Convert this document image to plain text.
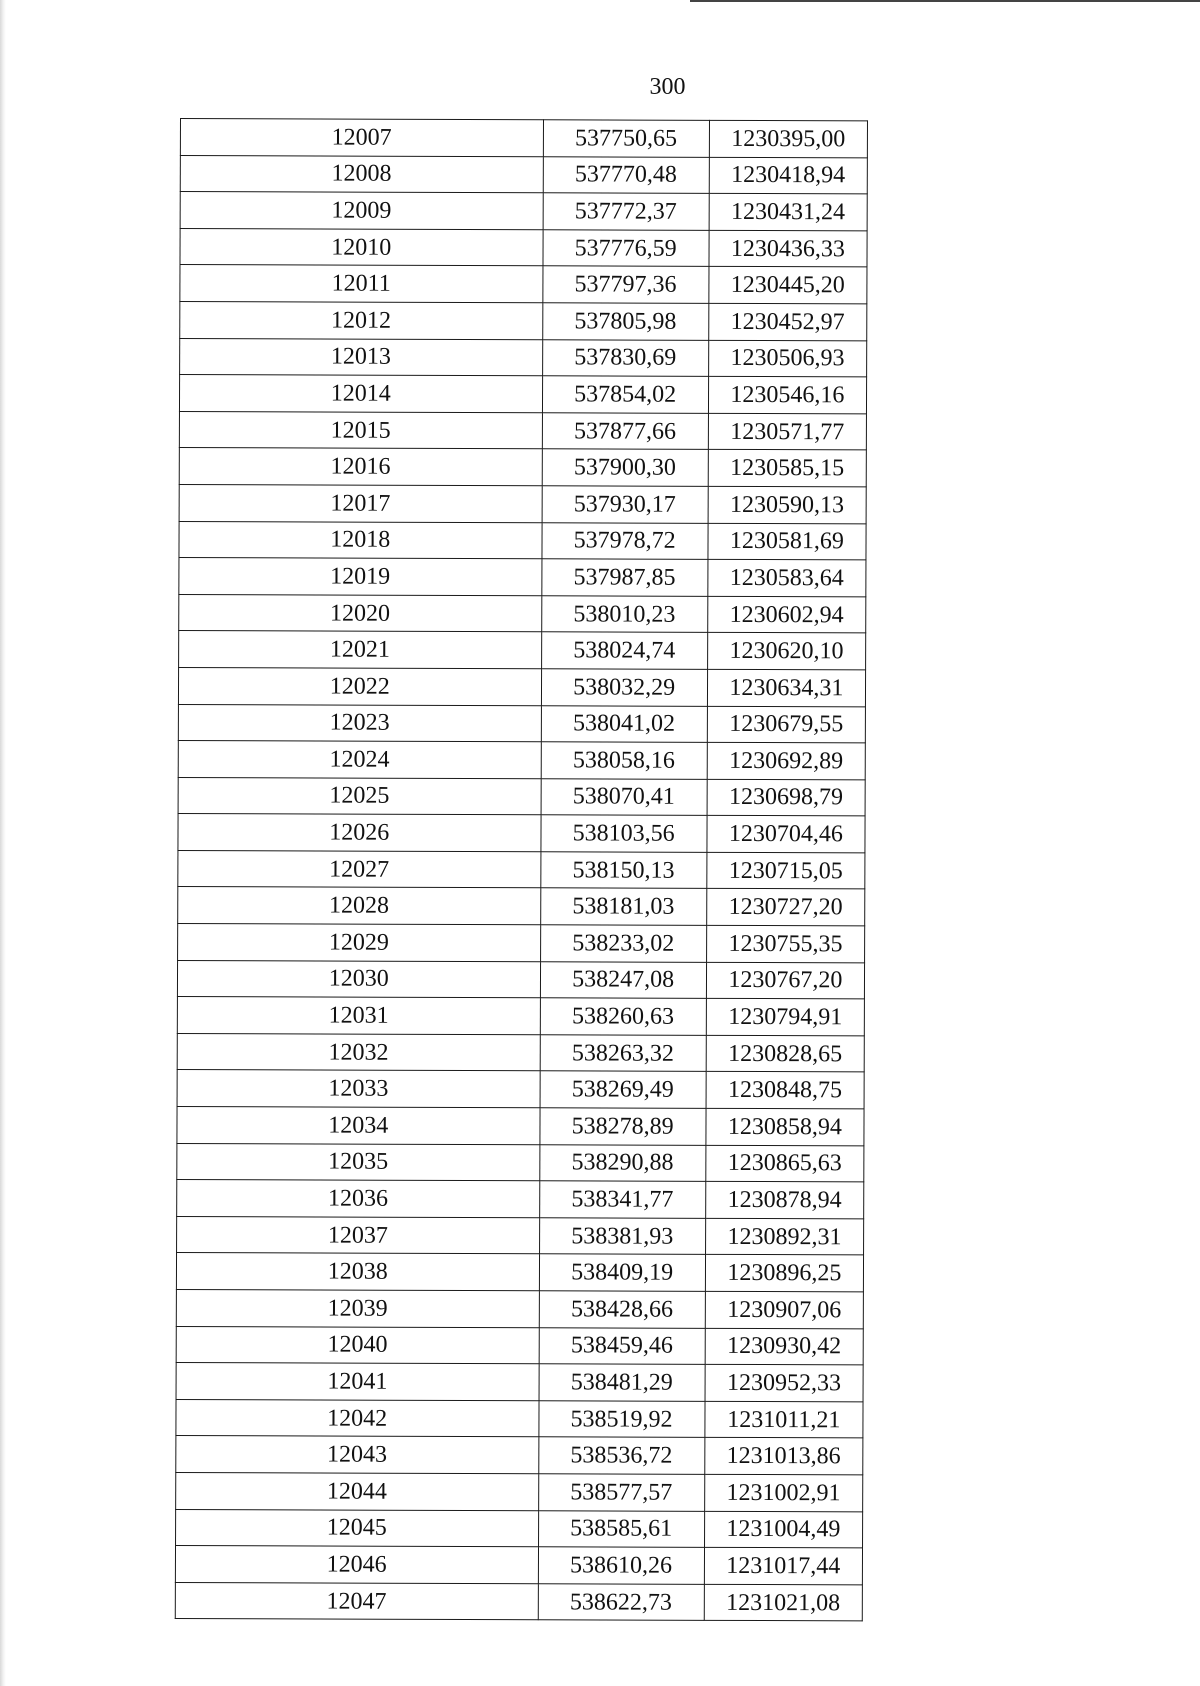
300
12007	537750,65	1230395,00
12008	537770,48	1230418,94
12009	537772,37	1230431,24
12010	537776,59	1230436,33
12011	537797,36	1230445,20
12012	537805,98	1230452,97
12013	537830,69	1230506,93
12014	537854,02	1230546,16
12015	537877,66	1230571,77
12016	537900,30	1230585,15
12017	537930,17	1230590,13
12018	537978,72	1230581,69
12019	537987,85	1230583,64
12020	538010,23	1230602,94
12021	538024,74	1230620,10
12022	538032,29	1230634,31
12023	538041,02	1230679,55
12024	538058,16	1230692,89
12025	538070,41	1230698,79
12026	538103,56	1230704,46
12027	538150,13	1230715,05
12028	538181,03	1230727,20
12029	538233,02	1230755,35
12030	538247,08	1230767,20
12031	538260,63	1230794,91
12032	538263,32	1230828,65
12033	538269,49	1230848,75
12034	538278,89	1230858,94
12035	538290,88	1230865,63
12036	538341,77	1230878,94
12037	538381,93	1230892,31
12038	538409,19	1230896,25
12039	538428,66	1230907,06
12040	538459,46	1230930,42
12041	538481,29	1230952,33
12042	538519,92	1231011,21
12043	538536,72	1231013,86
12044	538577,57	1231002,91
12045	538585,61	1231004,49
12046	538610,26	1231017,44
12047	538622,73	1231021,08
